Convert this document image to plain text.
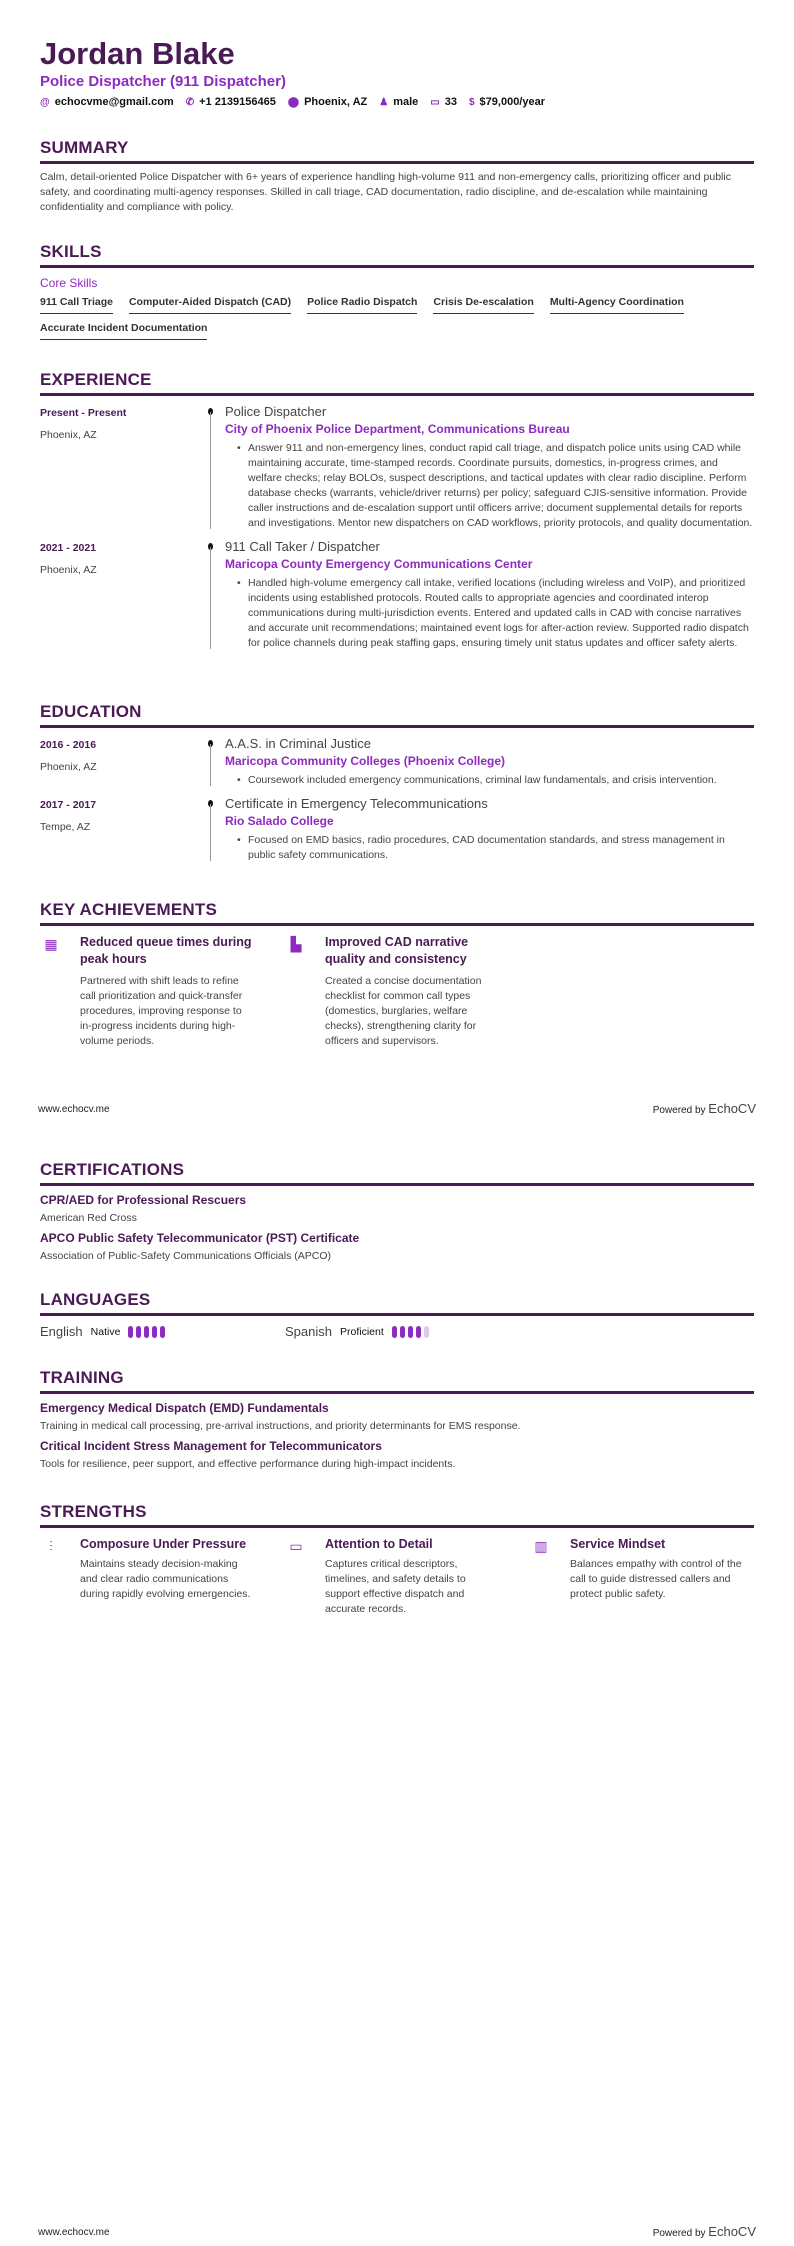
Jordan Blake
Police Dispatcher (911 Dispatcher)
@ echocvme@gmail.com ✆ +1 2139156465 ⬤ Phoenix, AZ ♟ male ▭ 33 $ $79,000/year
SUMMARY

Calm, detail-oriented Police Dispatcher with 6+ years of experience handling high-volume 911 and non-emergency calls, prioritizing officer and public safety, and coordinating multi-agency responses. Skilled in call triage, CAD documentation, radio discipline, and de-escalation while maintaining confidentiality and compliance with policy.

SKILLS
Core Skills
911 Call Triage Computer-Aided Dispatch (CAD) Police Radio Dispatch Crisis De-escalation Multi-Agency Coordination
Accurate Incident Documentation
EXPERIENCE
Present - Present
Phoenix, AZ
Police Dispatcher
City of Phoenix Police Department, Communications Bureau
• Answer 911 and non-emergency lines, conduct rapid call triage, and dispatch police units using CAD while maintaining accurate, time-stamped records. Coordinate pursuits, domestics, in-progress crimes, and welfare checks; relay BOLOs, suspect descriptions, and tactical updates with clear radio discipline. Perform database checks (warrants, vehicle/driver returns) per policy; safeguard CJIS-sensitive information. Provide caller instructions and de-escalation support until officers arrive; document supplemental details for reports and investigations. Mentor new dispatchers on CAD workflows, priority protocols, and quality documentation.
2021 - 2021
Phoenix, AZ
911 Call Taker / Dispatcher
Maricopa County Emergency Communications Center
• Handled high-volume emergency call intake, verified locations (including wireless and VoIP), and prioritized incidents using established protocols. Routed calls to appropriate agencies and coordinated interop communications during multi-jurisdiction events. Entered and updated calls in CAD with concise narratives and accurate unit recommendations; maintained event logs for after-action review. Supported radio dispatch for police channels during peak staffing gaps, ensuring timely unit status updates and officer safety alerts.
EDUCATION
2016 - 2016
Phoenix, AZ
A.A.S. in Criminal Justice
Maricopa Community Colleges (Phoenix College)
• Coursework included emergency communications, criminal law fundamentals, and crisis intervention.
2017 - 2017
Tempe, AZ
Certificate in Emergency Telecommunications
Rio Salado College
• Focused on EMD basics, radio procedures, CAD documentation standards, and stress management in public safety communications.
KEY ACHIEVEMENTS
▦ Reduced queue times during peak hours
Partnered with shift leads to refine call prioritization and quick-transfer procedures, improving response to in-progress incidents during high-volume periods.
▙ Improved CAD narrative quality and consistency
Created a concise documentation checklist for common call types (domestics, burglaries, welfare checks), strengthening clarity for officers and supervisors.
www.echocv.me	Powered by EchoCV
CERTIFICATIONS
CPR/AED for Professional Rescuers
American Red Cross
APCO Public Safety Telecommunicator (PST) Certificate
Association of Public-Safety Communications Officials (APCO)
LANGUAGES
English Native	Spanish Proficient
TRAINING
Emergency Medical Dispatch (EMD) Fundamentals
Training in medical call processing, pre-arrival instructions, and priority determinants for EMS response.
Critical Incident Stress Management for Telecommunicators
Tools for resilience, peer support, and effective performance during high-impact incidents.
STRENGTHS
⫶	Composure Under Pressure
Maintains steady decision-making and clear radio communications during rapidly evolving emergencies.
▭ Attention to Detail
Captures critical descriptors, timelines, and safety details to support effective dispatch and accurate records.
▥ Service Mindset
Balances empathy with control of the call to guide distressed callers and protect public safety.
www.echocv.me	Powered by EchoCV
